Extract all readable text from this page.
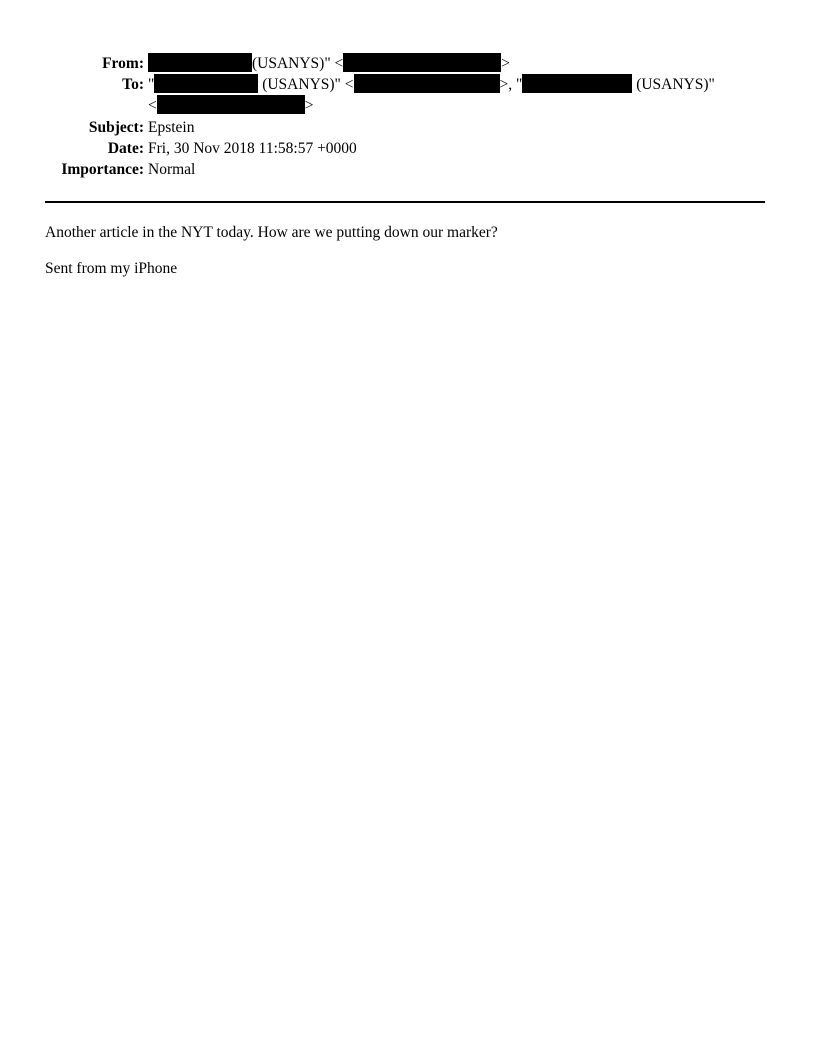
From:	(USANYS)" <	>
To: "	(USANYS)" <	>, "	(USANYS)"
<	>
Subject: Epstein
Date: Fri, 30 Nov 2018 11:58:57 +0000
Importance: Normal
Another article in the NYT today. How are we putting down our marker?
Sent from my iPhone
